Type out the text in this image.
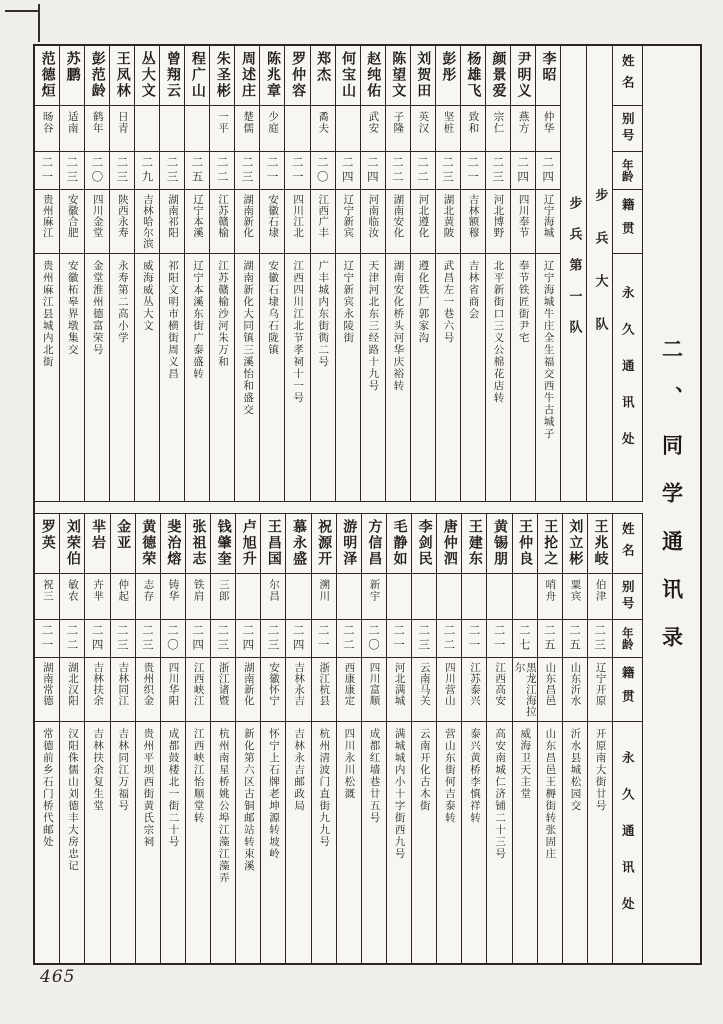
二、同学通讯录
姓名
别号
年龄
籍贯
永久通讯处
步兵大队
步兵第一队
李昭
仲华
二四
辽宁海城
辽宁海城牛庄全生福交西牛古城子
尹明义
燕方
二四
四川奉节
奉节铁匠街尹宅
颜景爱
宗仁
二三
河北博野
北平新街口三义公棉花店转
杨雄飞
致和
二一
吉林额穆
吉林省商会
彭彤
坚桩
二三
湖北黄陂
武昌左一巷六号
刘贺田
英汉
二二
河北遵化
遵化铁厂郭家沟
陈望文
子隆
二二
湖南安化
湖南安化桥头河华庆裕转
赵纯佑
武安
二四
河南临汝
天津河北东三经路十九号
何宝山
二四
辽宁新宾
辽宁新宾永陵街
郑杰
矞夫
二〇
江西广丰
广丰城内东街衖二号
罗仲容
二一
四川江北
江西四川江北节孝祠十一号
陈兆章
少庭
二一
安徽石埭
安徽石埭乌石陇镇
周述庄
楚儒
二三
湖南新化
湖南新化大同镇三溪怡和盛交
朱圣彬
一平
二二
江苏赣榆
江苏赣榆沙河朱万和
程广山
二五
辽宁本溪
辽宁本溪东街广泰盛转
曾翔云
二三
湖南祁阳
祁阳文明市横街周义昌
丛大文
二九
吉林哈尔滨
威海威丛大文
王凤林
日青
二三
陕西永寿
永寿第二高小学
彭范龄
鹤年
二〇
四川金堂
金堂淮州德富荣号
苏鹏
适南
二三
安徽合肥
安徽柘皋界墩集交
范德烜
旸谷
二一
贵州麻江
贵州麻江县城内北街
姓名
别号
年龄
籍贯
永久通讯处
王兆岐
伯津
二三
辽宁开原
开原南大街廿号
刘立彬
粟宾
二五
山东沂水
沂水县城松园交
王抡之
哨舟
二五
山东昌邑
山东昌邑王槈街转张固庄
王仲良
二七
黑龙江海拉尔
威海卫天主堂
黄锡朋
二一
江西高安
高安南城仁济铺二十三号
王建东
二一
江苏泰兴
泰兴黄桥李慎祥转
唐仲泗
二二
四川营山
营山东街何吉泰转
李剑民
二三
云南马关
云南开化古木街
毛静如
二一
河北满城
满城城内小十字街西九号
方信昌
新宇
二〇
四川富顺
成都红墙巷廿五号
游明泽
二二
西康康定
四川永川松溉
祝源开
溯川
二一
浙江杭县
杭州清波门直街九九号
慕永盛
二四
吉林永吉
吉林永吉邮政局
王昌国
尔昌
二三
安徽怀宁
怀宁上石牌老坤源转坡岭
卢旭升
二四
湖南新化
新化第六区古铜邮站转束溪
钱肇奎
三郎
二三
浙江诸暨
杭州南星桥姚公埠江藻江藻弄
张祖志
铁肩
二四
江西峡江
江西峡江怡顺堂转
斐治熔
铸华
二〇
四川华阳
成都鼓楼北一街二十号
黄德荣
志存
二三
贵州织金
贵州平坝西街黄氏宗祠
金亚
仲起
二三
吉林同江
吉林同江万福号
芈岩
卉芈
二四
吉林扶余
吉林扶余复生堂
刘荣伯
敏农
二二
湖北汉阳
汉阳侏儒山刘德丰大房忠记
罗英
祝三
二一
湖南常德
常德前乡石门桥代邮处
465
